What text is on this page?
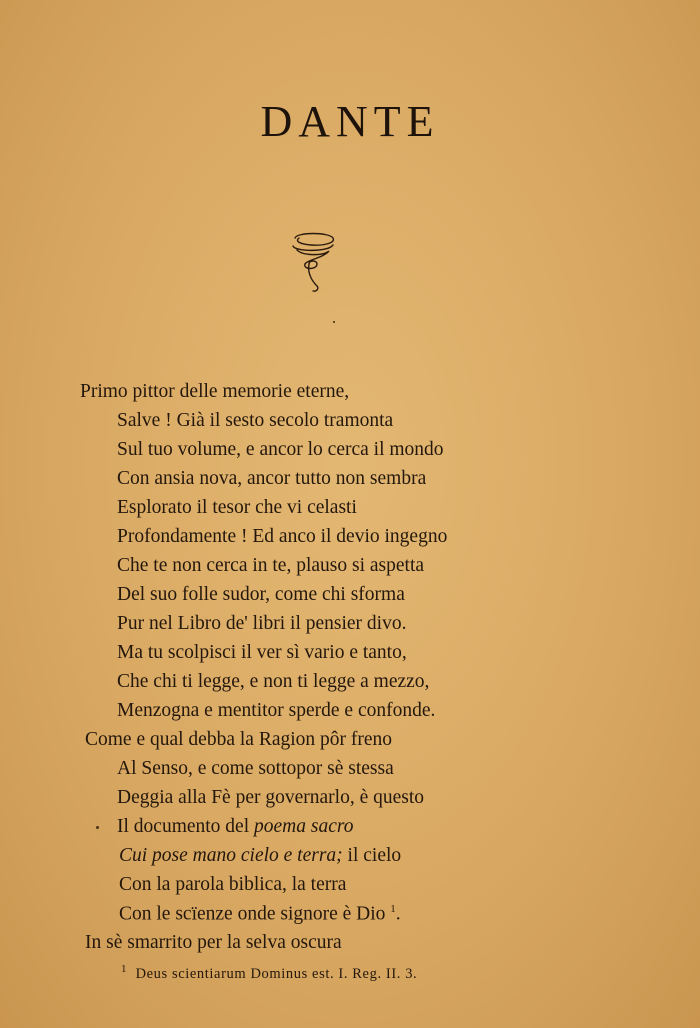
DANTE
Primo pittor delle memorie eterne,
Salve ! Già il sesto secolo tramonta
Sul tuo volume, e ancor lo cerca il mondo
Con ansia nova, ancor tutto non sembra
Esplorato il tesor che vi celasti
Profondamente ! Ed anco il devio ingegno
Che te non cerca in te, plauso si aspetta
Del suo folle sudor, come chi sforma
Pur nel Libro de' libri il pensier divo.
Ma tu scolpisci il ver sì vario e tanto,
Che chi ti legge, e non ti legge a mezzo,
Menzogna e mentitor sperde e confonde.
Come e qual debba la Ragion pôr freno
Al Senso, e come sottopor sè stessa
Deggia alla Fè per governarlo, è questo
Il documento del poema sacro
Cui pose mano cielo e terra; il cielo
Con la parola biblica, la terra
Con le scïenze onde signore è Dio $^1$.
In sè smarrito per la selva oscura
$^1$ Deus scientiarum Dominus est. I. Reg. II. 3.
